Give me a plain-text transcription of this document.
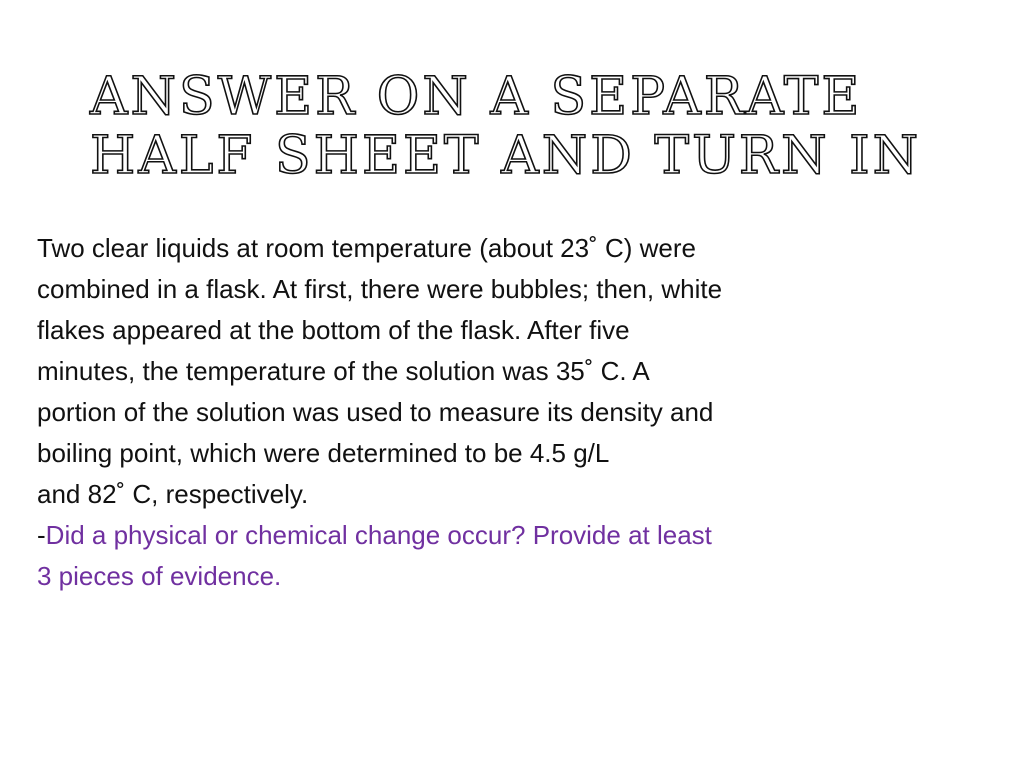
ANSWER ON A SEPARATE
HALF SHEET AND TURN IN
Two clear liquids at room temperature (about 23˚ C) were
combined in a flask. At first, there were bubbles; then, white
flakes appeared at the bottom of the flask. After five
minutes, the temperature of the solution was 35˚ C. A
portion of the solution was used to measure its density and
boiling point, which were determined to be 4.5 g/L
and 82˚ C, respectively.
-Did a physical or chemical change occur? Provide at least
3 pieces of evidence.
